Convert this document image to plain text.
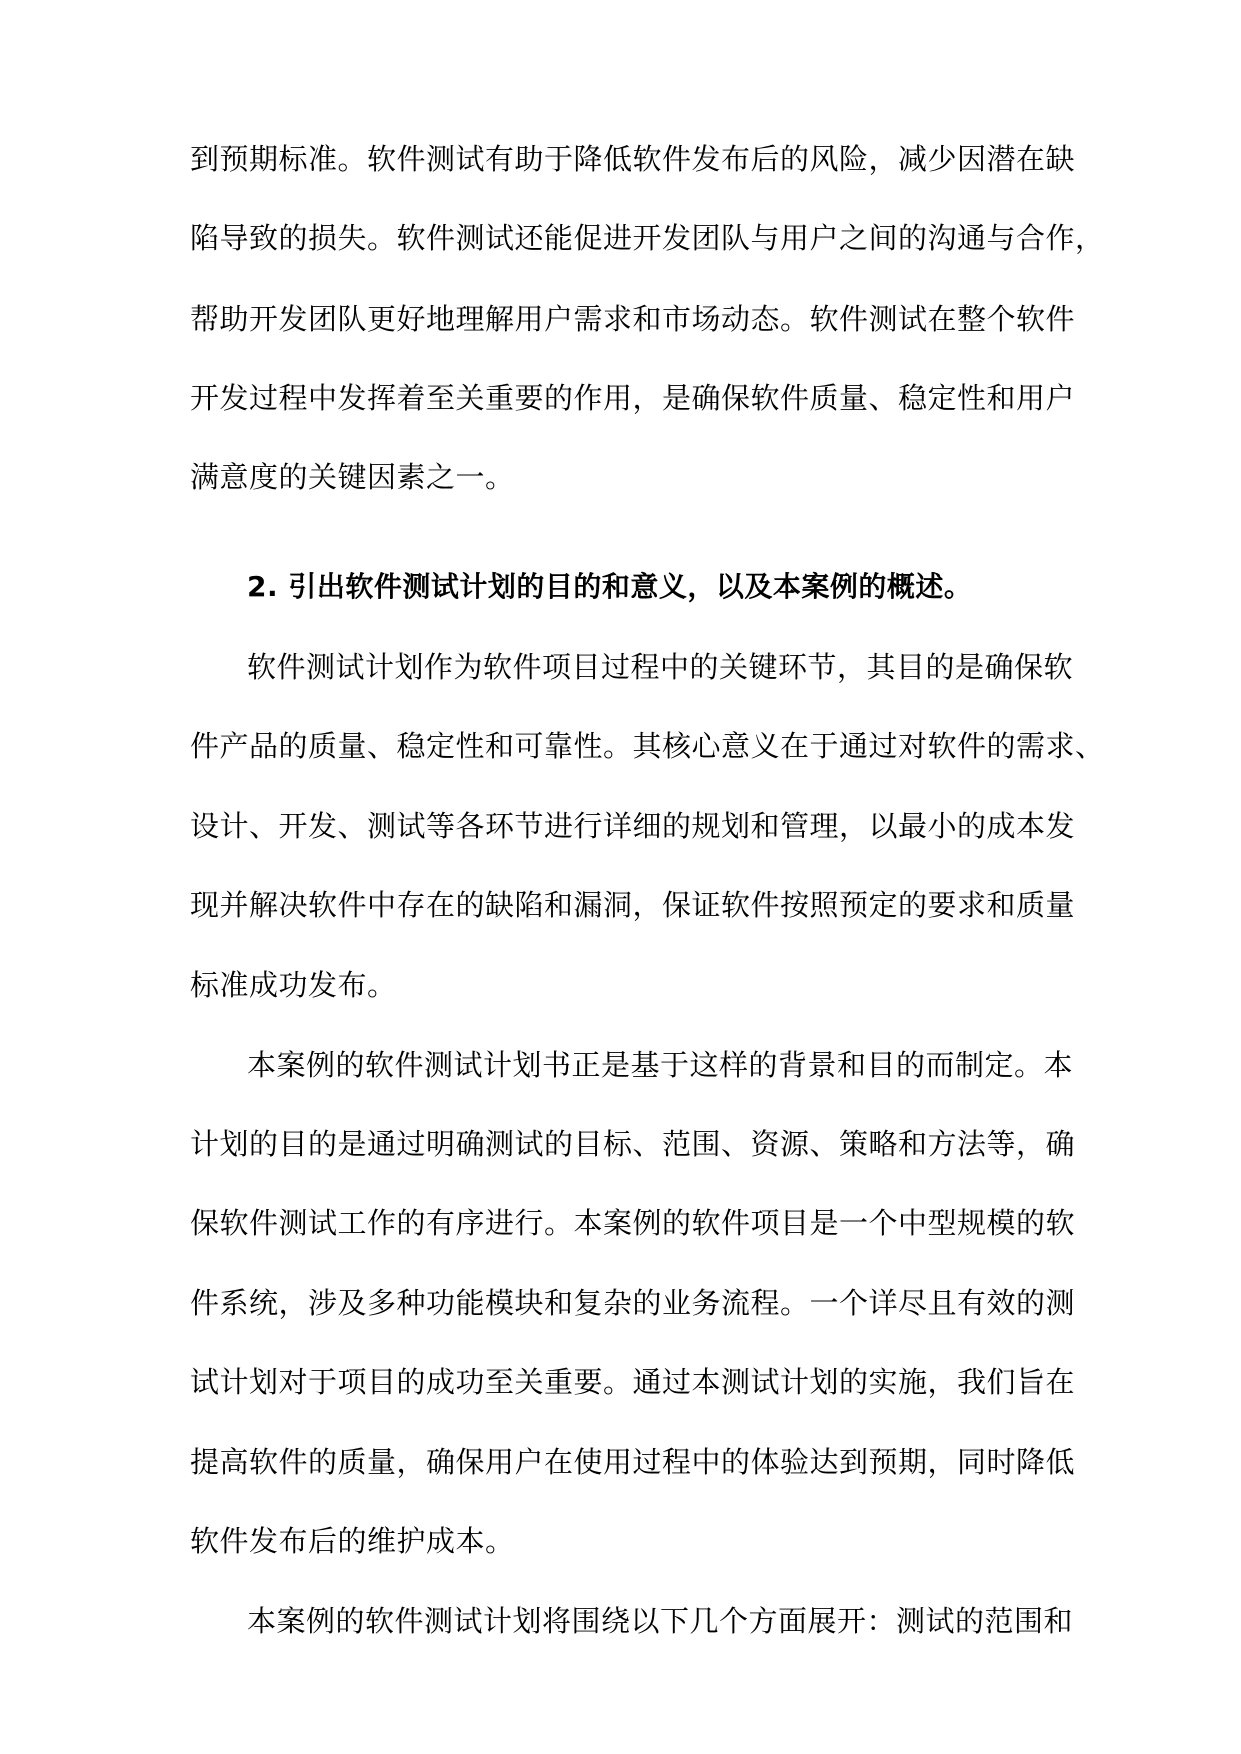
到预期标准。软件测试有助于降低软件发布后的风险，减少因潜在缺
陷导致的损失。软件测试还能促进开发团队与用户之间的沟通与合作，
帮助开发团队更好地理解用户需求和市场动态。软件测试在整个软件
开发过程中发挥着至关重要的作用，是确保软件质量、稳定性和用户
满意度的关键因素之一。
2. 引出软件测试计划的目的和意义，以及本案例的概述。
软件测试计划作为软件项目过程中的关键环节，其目的是确保软
件产品的质量、稳定性和可靠性。其核心意义在于通过对软件的需求、
设计、开发、测试等各环节进行详细的规划和管理，以最小的成本发
现并解决软件中存在的缺陷和漏洞，保证软件按照预定的要求和质量
标准成功发布。
本案例的软件测试计划书正是基于这样的背景和目的而制定。本
计划的目的是通过明确测试的目标、范围、资源、策略和方法等，确
保软件测试工作的有序进行。本案例的软件项目是一个中型规模的软
件系统，涉及多种功能模块和复杂的业务流程。一个详尽且有效的测
试计划对于项目的成功至关重要。通过本测试计划的实施，我们旨在
提高软件的质量，确保用户在使用过程中的体验达到预期，同时降低
软件发布后的维护成本。
本案例的软件测试计划将围绕以下几个方面展开：测试的范围和
